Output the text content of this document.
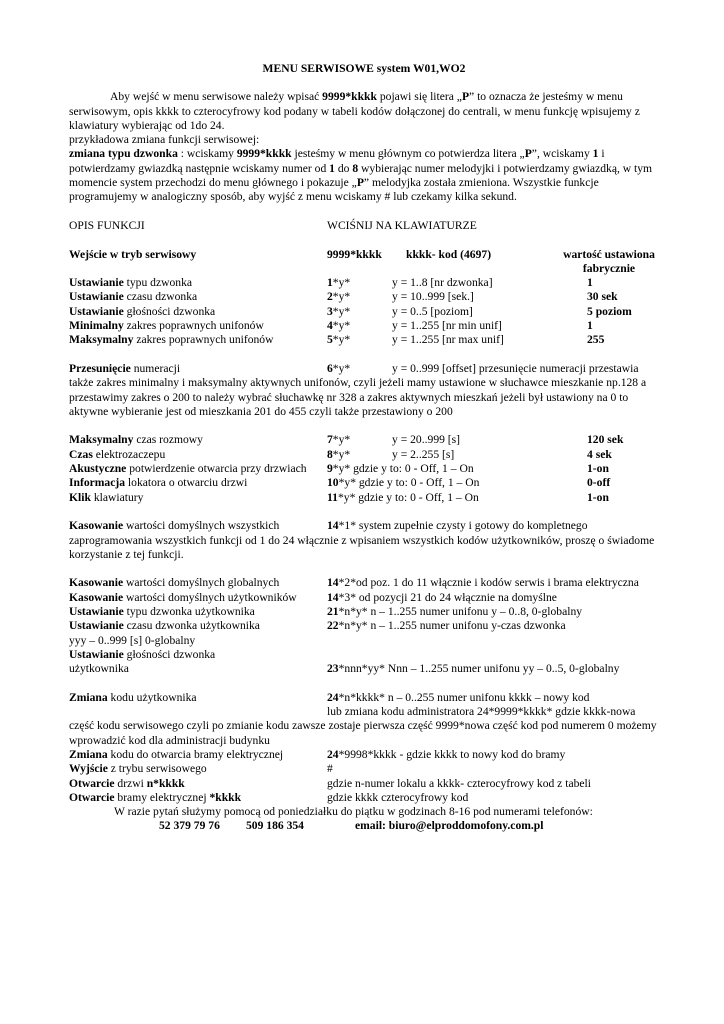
MENU SERWISOWE system W01,WO2

Aby wejść w menu serwisowe należy wpisać 9999*kkkk pojawi się litera „P” to oznacza że jesteśmy w menu serwisowym, opis kkkk to czterocyfrowy kod podany w tabeli kodów dołączonej do centrali, w menu funkcję wpisujemy z klawiatury wybierając od 1do 24.

przykładowa zmiana funkcji serwisowej:

zmiana typu dzwonka : wciskamy 9999*kkkk jesteśmy w menu głównym co potwierdza litera „P”, wciskamy 1 i potwierdzamy gwiazdką następnie wciskamy numer od 1 do 8 wybierając numer melodyjki i potwierdzamy gwiazdką, w tym momencie system przechodzi do menu głównego i pokazuje „P” melodyjka została zmieniona. Wszystkie funkcje programujemy w analogiczny sposób, aby wyjść z menu wciskamy # lub czekamy kilka sekund.

OPIS FUNKCJI	WCIŚNIJ NA KLAWIATURZE
Wejście w tryb serwisowy	9999*kkkk kkkk- kod (4697)	wartość ustawiona
fabrycznie
Ustawianie typu dzwonka	1*y*	y = 1..8 [nr dzwonka]	1
Ustawianie czasu dzwonka	2*y*	y = 10..999 [sek.]	30 sek
Ustawianie głośności dzwonka	3*y*	y = 0..5 [poziom]	5 poziom
Minimalny zakres poprawnych unifonów	4*y*	y = 1..255 [nr min unif]	1
Maksymalny zakres poprawnych unifonów	5*y*	y = 1..255 [nr max unif]	255
Przesunięcie numeracji	6*y*	y = 0..999 [offset] przesunięcie numeracji przestawia

także zakres minimalny i maksymalny aktywnych unifonów, czyli jeżeli mamy ustawione w słuchawce mieszkanie np.128 a przestawimy zakres o 200 to należy wybrać słuchawkę nr 328 a zakres aktywnych mieszkań jeżeli był ustawiony na 0 to aktywne wybieranie jest od mieszkania 201 do 455 czyli także przestawiony o 200

Maksymalny czas rozmowy	7*y*	y = 20..999 [s]	120 sek
Czas elektrozaczepu	8*y*	y = 2..255 [s]	4 sek
Akustyczne potwierdzenie otwarcia przy drzwiach 9*y* gdzie y to: 0 - Off, 1 – On	1-on
Informacja lokatora o otwarciu drzwi	10*y* gdzie y to: 0 - Off, 1 – On	0-off
Klik klawiatury	11*y* gdzie y to: 0 - Off, 1 – On	1-on
Kasowanie wartości domyślnych wszystkich	14*1* system zupełnie czysty i gotowy do kompletnego

zaprogramowania wszystkich funkcji od 1 do 24 włącznie z wpisaniem wszystkich kodów użytkowników, proszę o świadome korzystanie z tej funkcji.

Kasowanie wartości domyślnych globalnych	14*2*od poz. 1 do 11 włącznie i kodów serwis i brama elektryczna
Kasowanie wartości domyślnych użytkowników	14*3* od pozycji 21 do 24 włącznie na domyślne
Ustawianie typu dzwonka użytkownika	21*n*y* n – 1..255 numer unifonu y – 0..8, 0-globalny
Ustawianie czasu dzwonka użytkownika	22*n*y* n – 1..255 numer unifonu y-czas dzwonka

yyy – 0..999 [s] 0-globalny

Ustawianie głośności dzwonka

użytkownika	23*nnn*yy* Nnn – 1..255 numer unifonu yy – 0..5, 0-globalny
Zmiana kodu użytkownika	24*n*kkkk* n – 0..255 numer unifonu kkkk – nowy kod
lub zmiana kodu administratora 24*9999*kkkk* gdzie kkkk-nowa

część kodu serwisowego czyli po zmianie kodu zawsze zostaje pierwsza część 9999*nowa część kod pod numerem 0 możemy wprowadzić kod dla administracji budynku

Zmiana kodu do otwarcia bramy elektrycznej	24*9998*kkkk - gdzie kkkk to nowy kod do bramy
Wyjście z trybu serwisowego	#
Otwarcie drzwi n*kkkk	gdzie n-numer lokalu a kkkk- czterocyfrowy kod z tabeli
Otwarcie bramy elektrycznej *kkkk	gdzie kkkk czterocyfrowy kod

W razie pytań służymy pomocą od poniedziałku do piątku w godzinach 8-16 pod numerami telefonów:

52 379 79 76 509 186 354	email: biuro@elproddomofony.com.pl
